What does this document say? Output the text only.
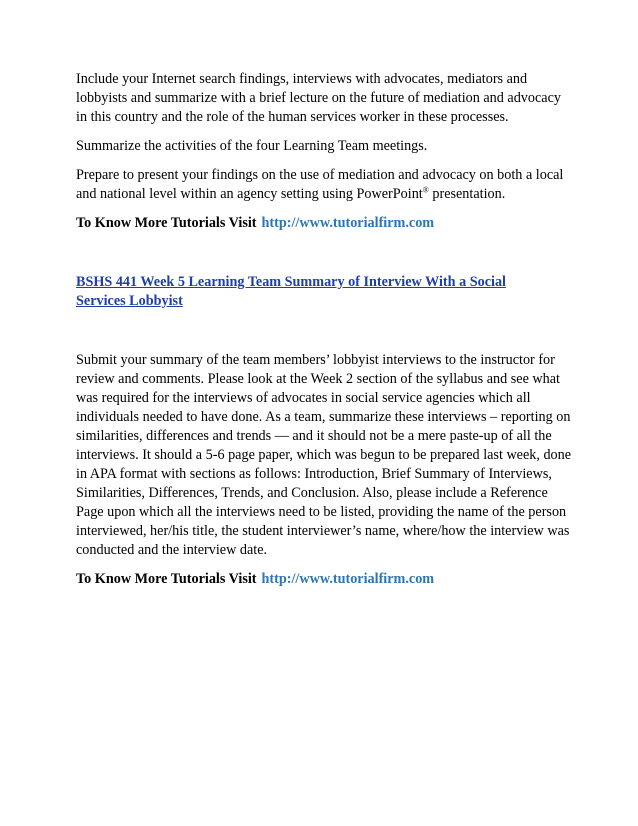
Include your Internet search findings, interviews with advocates, mediators and lobbyists and summarize with a brief lecture on the future of mediation and advocacy in this country and the role of the human services worker in these processes.

Summarize the activities of the four Learning Team meetings.

Prepare to present your findings on the use of mediation and advocacy on both a local and national level within an agency setting using PowerPoint® presentation.

To Know More Tutorials Visit http://www.tutorialfirm.com

BSHS 441 Week 5 Learning Team Summary of Interview With a Social Services Lobbyist

Submit your summary of the team members’ lobbyist interviews to the instructor for review and comments. Please look at the Week 2 section of the syllabus and see what was required for the interviews of advocates in social service agencies which all individuals needed to have done. As a team, summarize these interviews – reporting on similarities, differences and trends — and it should not be a mere paste-up of all the interviews. It should a 5-6 page paper, which was begun to be prepared last week, done in APA format with sections as follows: Introduction, Brief Summary of Interviews, Similarities, Differences, Trends, and Conclusion. Also, please include a Reference Page upon which all the interviews need to be listed, providing the name of the person interviewed, her/his title, the student interviewer’s name, where/how the interview was conducted and the interview date.

To Know More Tutorials Visit http://www.tutorialfirm.com
